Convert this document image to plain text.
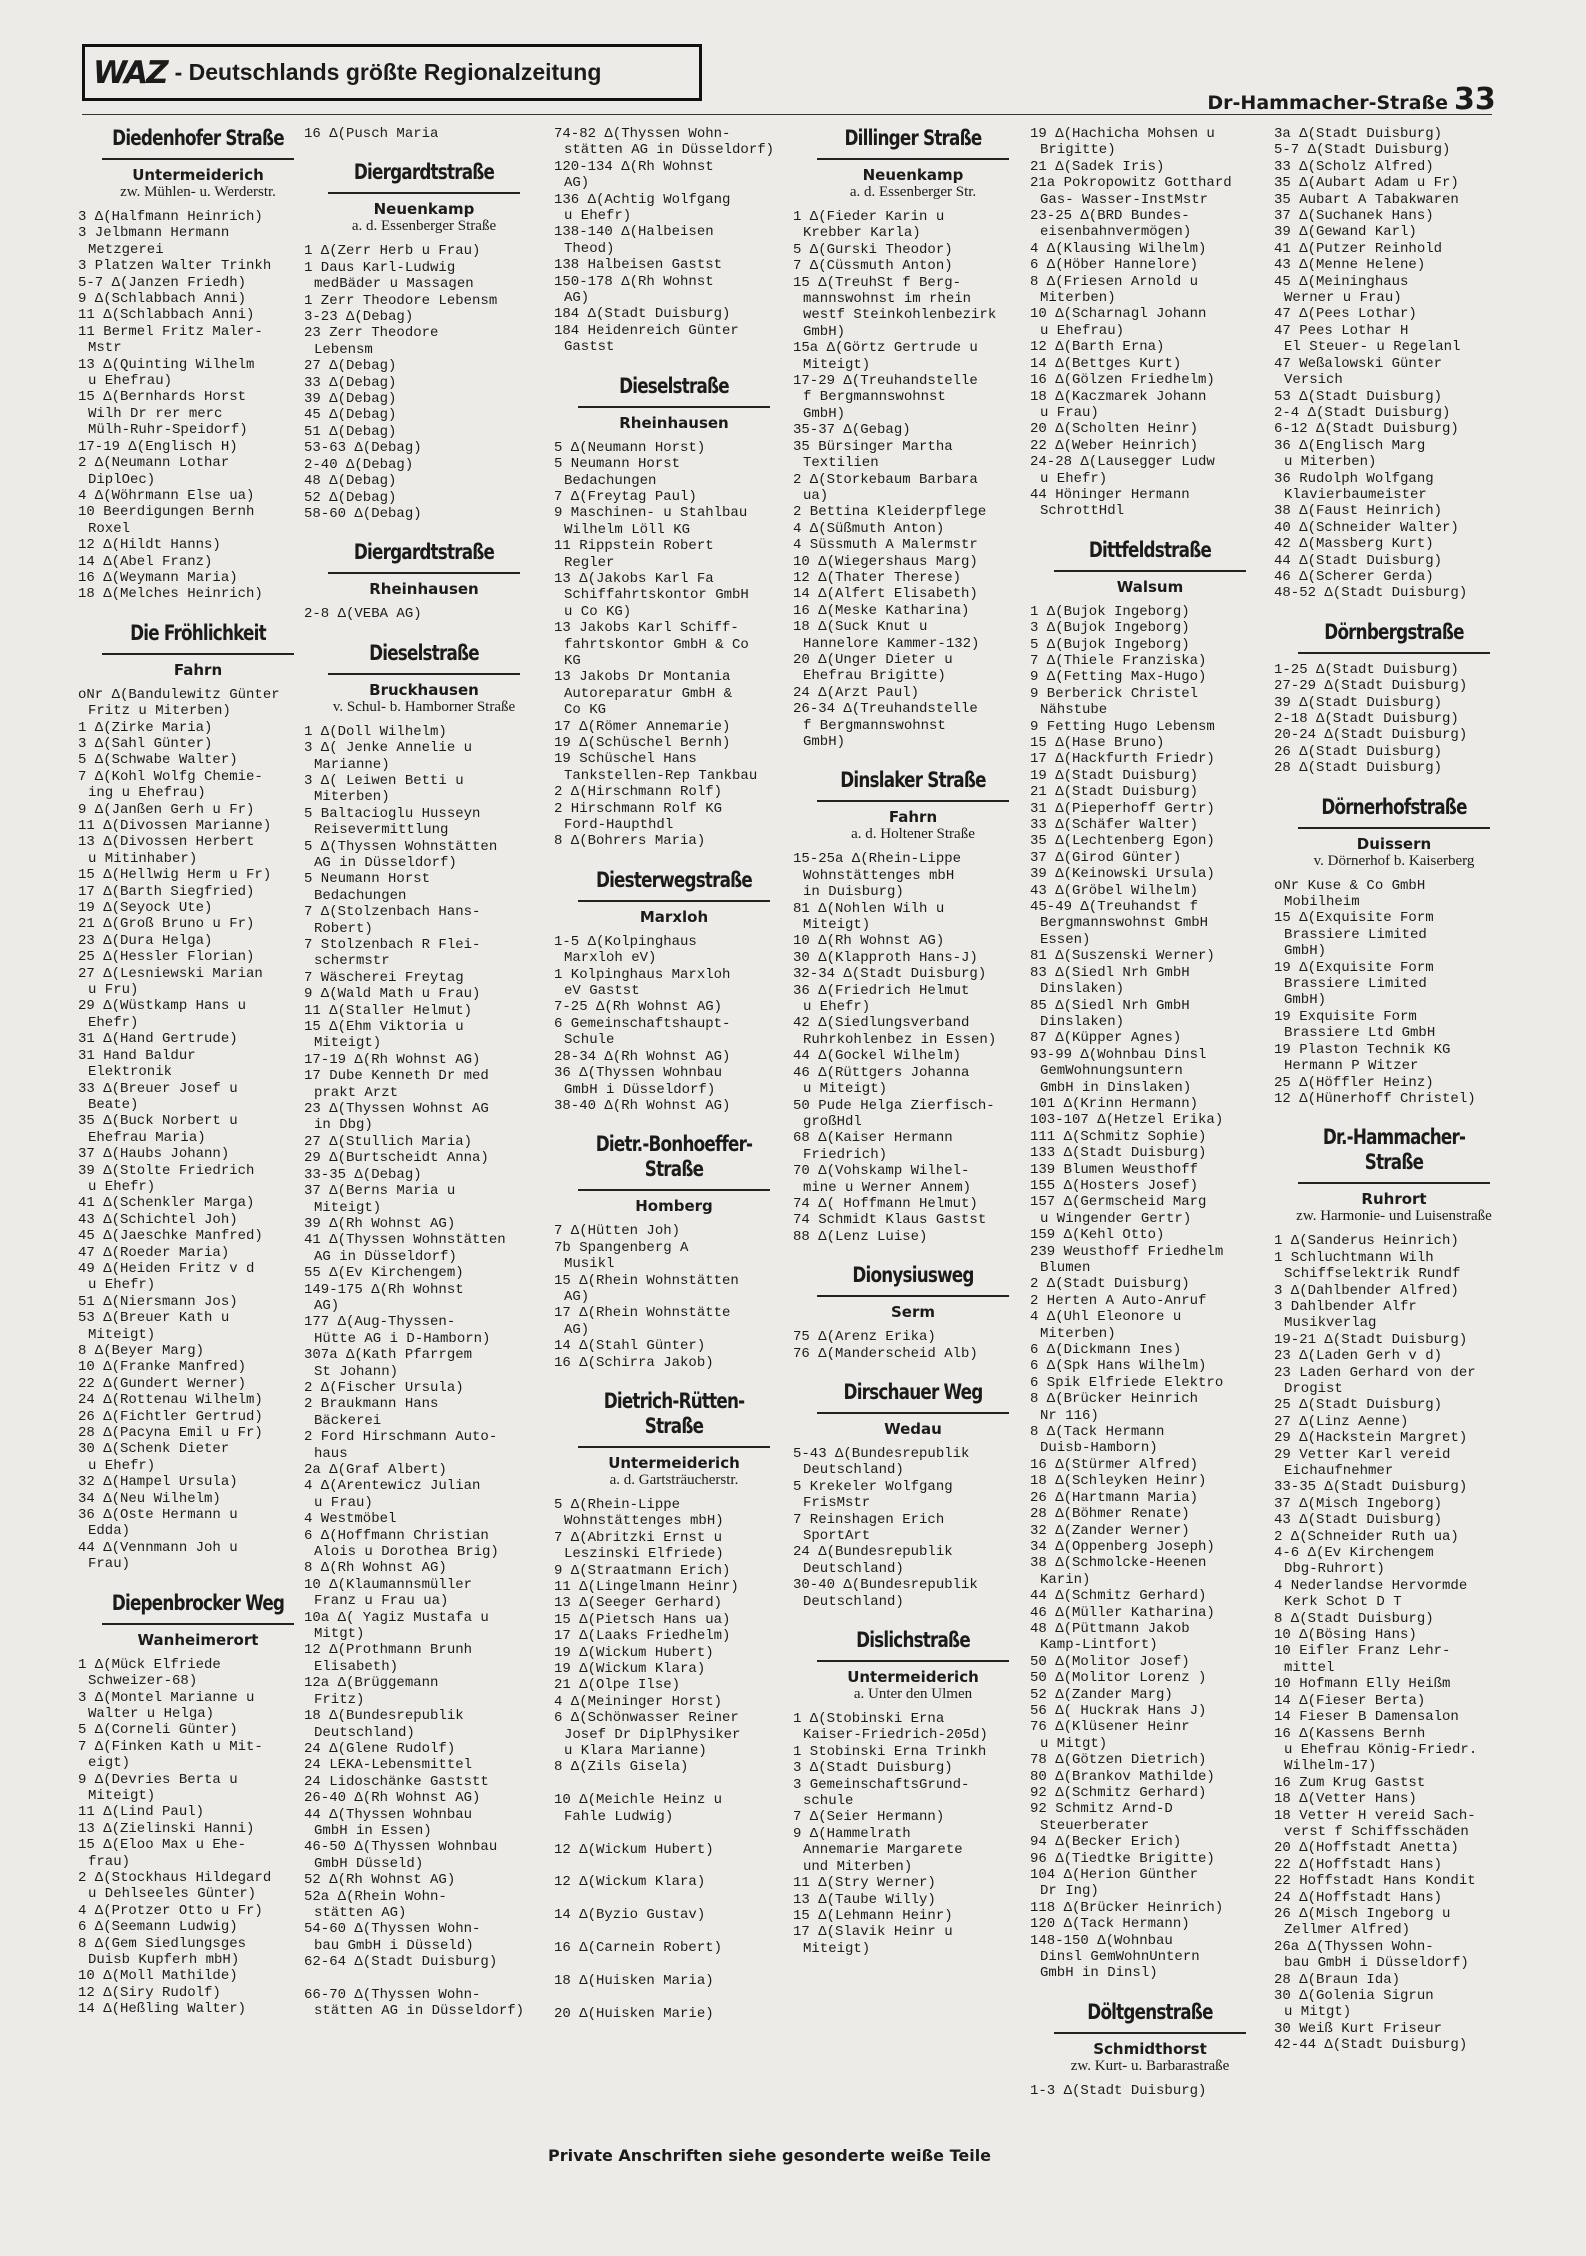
WAZ - Deutschlands größte Regionalzeitung
Dr-Hammacher-Straße 33
Diedenhofer Straße
Untermeiderich
zw. Mühlen- u. Werderstr.
3 Δ(Halfmann Heinrich)
3 Jelbmann Hermann
Metzgerei
3 Platzen Walter Trinkh
5-7 Δ(Janzen Friedh)
9 Δ(Schlabbach Anni)
11 Δ(Schlabbach Anni)
11 Bermel Fritz Maler-
Mstr
13 Δ(Quinting Wilhelm
u Ehefrau)
15 Δ(Bernhards Horst
Wilh Dr rer merc
Mülh-Ruhr-Speidorf)
17-19 Δ(Englisch H)
2 Δ(Neumann Lothar
DiplOec)
4 Δ(Wöhrmann Else ua)
10 Beerdigungen Bernh
Roxel
12 Δ(Hildt Hanns)
14 Δ(Abel Franz)
16 Δ(Weymann Maria)
18 Δ(Melches Heinrich)
Die Fröhlichkeit
Fahrn
oNr Δ(Bandulewitz Günter
Fritz u Miterben)
1 Δ(Zirke Maria)
3 Δ(Sahl Günter)
5 Δ(Schwabe Walter)
7 Δ(Kohl Wolfg Chemie-
ing u Ehefrau)
9 Δ(Janßen Gerh u Fr)
11 Δ(Divossen Marianne)
13 Δ(Divossen Herbert
u Mitinhaber)
15 Δ(Hellwig Herm u Fr)
17 Δ(Barth Siegfried)
19 Δ(Seyock Ute)
21 Δ(Groß Bruno u Fr)
23 Δ(Dura Helga)
25 Δ(Hessler Florian)
27 Δ(Lesniewski Marian
u Fru)
29 Δ(Wüstkamp Hans u
Ehefr)
31 Δ(Hand Gertrude)
31 Hand Baldur
Elektronik
33 Δ(Breuer Josef u
Beate)
35 Δ(Buck Norbert u
Ehefrau Maria)
37 Δ(Haubs Johann)
39 Δ(Stolte Friedrich
u Ehefr)
41 Δ(Schenkler Marga)
43 Δ(Schichtel Joh)
45 Δ(Jaeschke Manfred)
47 Δ(Roeder Maria)
49 Δ(Heiden Fritz v d
u Ehefr)
51 Δ(Niersmann Jos)
53 Δ(Breuer Kath u
Miteigt)
8 Δ(Beyer Marg)
10 Δ(Franke Manfred)
22 Δ(Gundert Werner)
24 Δ(Rottenau Wilhelm)
26 Δ(Fichtler Gertrud)
28 Δ(Pacyna Emil u Fr)
30 Δ(Schenk Dieter
u Ehefr)
32 Δ(Hampel Ursula)
34 Δ(Neu Wilhelm)
36 Δ(Oste Hermann u
Edda)
44 Δ(Vennmann Joh u
Frau)
Diepenbrocker Weg
Wanheimerort
1 Δ(Mück Elfriede
Schweizer-68)
3 Δ(Montel Marianne u
Walter u Helga)
5 Δ(Corneli Günter)
7 Δ(Finken Kath u Mit-
eigt)
9 Δ(Devries Berta u
Miteigt)
11 Δ(Lind Paul)
13 Δ(Zielinski Hanni)
15 Δ(Eloo Max u Ehe-
frau)
2 Δ(Stockhaus Hildegard
u Dehlseeles Günter)
4 Δ(Protzer Otto u Fr)
6 Δ(Seemann Ludwig)
8 Δ(Gem Siedlungsges
Duisb Kupferh mbH)
10 Δ(Moll Mathilde)
12 Δ(Siry Rudolf)
14 Δ(Heßling Walter)
16 Δ(Pusch Maria
Diergardtstraße
Neuenkamp
a. d. Essenberger Straße
1 Δ(Zerr Herb u Frau)
1 Daus Karl-Ludwig
medBäder u Massagen
1 Zerr Theodore Lebensm
3-23 Δ(Debag)
23 Zerr Theodore
Lebensm
27 Δ(Debag)
33 Δ(Debag)
39 Δ(Debag)
45 Δ(Debag)
51 Δ(Debag)
53-63 Δ(Debag)
2-40 Δ(Debag)
48 Δ(Debag)
52 Δ(Debag)
58-60 Δ(Debag)
Diergardtstraße
Rheinhausen
2-8 Δ(VEBA AG)
Dieselstraße
Bruckhausen
v. Schul- b. Hamborner Straße
1 Δ(Doll Wilhelm)
3 Δ( Jenke Annelie u
Marianne)
3 Δ( Leiwen Betti u
Miterben)
5 Baltacioglu Husseyn
Reisevermittlung
5 Δ(Thyssen Wohnstätten
AG in Düsseldorf)
5 Neumann Horst
Bedachungen
7 Δ(Stolzenbach Hans-
Robert)
7 Stolzenbach R Flei-
schermstr
7 Wäscherei Freytag
9 Δ(Wald Math u Frau)
11 Δ(Staller Helmut)
15 Δ(Ehm Viktoria u
Miteigt)
17-19 Δ(Rh Wohnst AG)
17 Dube Kenneth Dr med
prakt Arzt
23 Δ(Thyssen Wohnst AG
in Dbg)
27 Δ(Stullich Maria)
29 Δ(Burtscheidt Anna)
33-35 Δ(Debag)
37 Δ(Berns Maria u
Miteigt)
39 Δ(Rh Wohnst AG)
41 Δ(Thyssen Wohnstätten
AG in Düsseldorf)
55 Δ(Ev Kirchengem)
149-175 Δ(Rh Wohnst
AG)
177 Δ(Aug-Thyssen-
Hütte AG i D-Hamborn)
307a Δ(Kath Pfarrgem
St Johann)
2 Δ(Fischer Ursula)
2 Braukmann Hans
Bäckerei
2 Ford Hirschmann Auto-
haus
2a Δ(Graf Albert)
4 Δ(Arentewicz Julian
u Frau)
4 Westmöbel
6 Δ(Hoffmann Christian
Alois u Dorothea Brig)
8 Δ(Rh Wohnst AG)
10 Δ(Klaumannsmüller
Franz u Frau ua)
10a Δ( Yagiz Mustafa u
Mitgt)
12 Δ(Prothmann Brunh
Elisabeth)
12a Δ(Brüggemann
Fritz)
18 Δ(Bundesrepublik
Deutschland)
24 Δ(Glene Rudolf)
24 LEKA-Lebensmittel
24 Lidoschänke Gaststt
26-40 Δ(Rh Wohnst AG)
44 Δ(Thyssen Wohnbau
GmbH in Essen)
46-50 Δ(Thyssen Wohnbau
GmbH Düsseld)
52 Δ(Rh Wohnst AG)
52a Δ(Rhein Wohn-
stätten AG)
54-60 Δ(Thyssen Wohn-
bau GmbH i Düsseld)
62-64 Δ(Stadt Duisburg)

66-70 Δ(Thyssen Wohn-
stätten AG in Düsseldorf)
74-82 Δ(Thyssen Wohn-
stätten AG in Düsseldorf)
120-134 Δ(Rh Wohnst
AG)
136 Δ(Achtig Wolfgang
u Ehefr)
138-140 Δ(Halbeisen
Theod)
138 Halbeisen Gastst
150-178 Δ(Rh Wohnst
AG)
184 Δ(Stadt Duisburg)
184 Heidenreich Günter
Gastst
Dieselstraße
Rheinhausen
5 Δ(Neumann Horst)
5 Neumann Horst
Bedachungen
7 Δ(Freytag Paul)
9 Maschinen- u Stahlbau
Wilhelm Löll KG
11 Rippstein Robert
Regler
13 Δ(Jakobs Karl Fa
Schiffahrtskontor GmbH
u Co KG)
13 Jakobs Karl Schiff-
fahrtskontor GmbH & Co
KG
13 Jakobs Dr Montania
Autoreparatur GmbH &
Co KG
17 Δ(Römer Annemarie)
19 Δ(Schüschel Bernh)
19 Schüschel Hans
Tankstellen-Rep Tankbau
2 Δ(Hirschmann Rolf)
2 Hirschmann Rolf KG
Ford-Haupthdl
8 Δ(Bohrers Maria)
Diesterwegstraße
Marxloh
1-5 Δ(Kolpinghaus
Marxloh eV)
1 Kolpinghaus Marxloh
eV Gastst
7-25 Δ(Rh Wohnst AG)
6 Gemeinschaftshaupt-
Schule
28-34 Δ(Rh Wohnst AG)
36 Δ(Thyssen Wohnbau
GmbH i Düsseldorf)
38-40 Δ(Rh Wohnst AG)
Dietr.-Bonhoeffer-Straße
Homberg
7 Δ(Hütten Joh)
7b Spangenberg A
Musikl
15 Δ(Rhein Wohnstätten
AG)
17 Δ(Rhein Wohnstätte
AG)
14 Δ(Stahl Günter)
16 Δ(Schirra Jakob)
Dietrich-Rütten-Straße
Untermeiderich
a. d. Gartsträucherstr.
5 Δ(Rhein-Lippe
Wohnstättenges mbH)
7 Δ(Abritzki Ernst u
Leszinski Elfriede)
9 Δ(Straatmann Erich)
11 Δ(Lingelmann Heinr)
13 Δ(Seeger Gerhard)
15 Δ(Pietsch Hans ua)
17 Δ(Laaks Friedhelm)
19 Δ(Wickum Hubert)
19 Δ(Wickum Klara)
21 Δ(Olpe Ilse)
4 Δ(Meininger Horst)
6 Δ(Schönwasser Reiner
Josef Dr DiplPhysiker
u Klara Marianne)
8 Δ(Zils Gisela)

10 Δ(Meichle Heinz u
Fahle Ludwig)

12 Δ(Wickum Hubert)

12 Δ(Wickum Klara)

14 Δ(Byzio Gustav)

16 Δ(Carnein Robert)

18 Δ(Huisken Maria)

20 Δ(Huisken Marie)
Dillinger Straße
Neuenkamp
a. d. Essenberger Str.
1 Δ(Fieder Karin u
Krebber Karla)
5 Δ(Gurski Theodor)
7 Δ(Cüssmuth Anton)
15 Δ(TreuhSt f Berg-
mannswohnst im rhein
westf Steinkohlenbezirk
GmbH)
15a Δ(Görtz Gertrude u
Miteigt)
17-29 Δ(Treuhandstelle
f Bergmannswohnst
GmbH)
35-37 Δ(Gebag)
35 Bürsinger Martha
Textilien
2 Δ(Storkebaum Barbara
ua)
2 Bettina Kleiderpflege
4 Δ(Süßmuth Anton)
4 Süssmuth A Malermstr
10 Δ(Wiegershaus Marg)
12 Δ(Thater Therese)
14 Δ(Alfert Elisabeth)
16 Δ(Meske Katharina)
18 Δ(Suck Knut u
Hannelore Kammer-132)
20 Δ(Unger Dieter u
Ehefrau Brigitte)
24 Δ(Arzt Paul)
26-34 Δ(Treuhandstelle
f Bergmannswohnst
GmbH)
Dinslaker Straße
Fahrn
a. d. Holtener Straße
15-25a Δ(Rhein-Lippe
Wohnstättenges mbH
in Duisburg)
81 Δ(Nohlen Wilh u
Miteigt)
10 Δ(Rh Wohnst AG)
30 Δ(Klapproth Hans-J)
32-34 Δ(Stadt Duisburg)
36 Δ(Friedrich Helmut
u Ehefr)
42 Δ(Siedlungsverband
Ruhrkohlenbez in Essen)
44 Δ(Gockel Wilhelm)
46 Δ(Rüttgers Johanna
u Miteigt)
50 Pude Helga Zierfisch-
großHdl
68 Δ(Kaiser Hermann
Friedrich)
70 Δ(Vohskamp Wilhel-
mine u Werner Annem)
74 Δ( Hoffmann Helmut)
74 Schmidt Klaus Gastst
88 Δ(Lenz Luise)
Dionysiusweg
Serm
75 Δ(Arenz Erika)
76 Δ(Manderscheid Alb)
Dirschauer Weg
Wedau
5-43 Δ(Bundesrepublik
Deutschland)
5 Krekeler Wolfgang
FrisMstr
7 Reinshagen Erich
SportArt
24 Δ(Bundesrepublik
Deutschland)
30-40 Δ(Bundesrepublik
Deutschland)
Dislichstraße
Untermeiderich
a. Unter den Ulmen
1 Δ(Stobinski Erna
Kaiser-Friedrich-205d)
1 Stobinski Erna Trinkh
3 Δ(Stadt Duisburg)
3 GemeinschaftsGrund-
schule
7 Δ(Seier Hermann)
9 Δ(Hammelrath
Annemarie Margarete
und Miterben)
11 Δ(Stry Werner)
13 Δ(Taube Willy)
15 Δ(Lehmann Heinr)
17 Δ(Slavik Heinr u
Miteigt)
19 Δ(Hachicha Mohsen u
Brigitte)
21 Δ(Sadek Iris)
21a Pokropowitz Gotthard
Gas- Wasser-InstMstr
23-25 Δ(BRD Bundes-
eisenbahnvermögen)
4 Δ(Klausing Wilhelm)
6 Δ(Höber Hannelore)
8 Δ(Friesen Arnold u
Miterben)
10 Δ(Scharnagl Johann
u Ehefrau)
12 Δ(Barth Erna)
14 Δ(Bettges Kurt)
16 Δ(Gölzen Friedhelm)
18 Δ(Kaczmarek Johann
u Frau)
20 Δ(Scholten Heinr)
22 Δ(Weber Heinrich)
24-28 Δ(Lausegger Ludw
u Ehefr)
44 Höninger Hermann
SchrottHdl
Dittfeldstraße
Walsum
1 Δ(Bujok Ingeborg)
3 Δ(Bujok Ingeborg)
5 Δ(Bujok Ingeborg)
7 Δ(Thiele Franziska)
9 Δ(Fetting Max-Hugo)
9 Berberick Christel
Nähstube
9 Fetting Hugo Lebensm
15 Δ(Hase Bruno)
17 Δ(Hackfurth Friedr)
19 Δ(Stadt Duisburg)
21 Δ(Stadt Duisburg)
31 Δ(Pieperhoff Gertr)
33 Δ(Schäfer Walter)
35 Δ(Lechtenberg Egon)
37 Δ(Girod Günter)
39 Δ(Keinowski Ursula)
43 Δ(Gröbel Wilhelm)
45-49 Δ(Treuhandst f
Bergmannswohnst GmbH
Essen)
81 Δ(Suszenski Werner)
83 Δ(Siedl Nrh GmbH
Dinslaken)
85 Δ(Siedl Nrh GmbH
Dinslaken)
87 Δ(Küpper Agnes)
93-99 Δ(Wohnbau Dinsl
GemWohnungsuntern
GmbH in Dinslaken)
101 Δ(Krinn Hermann)
103-107 Δ(Hetzel Erika)
111 Δ(Schmitz Sophie)
133 Δ(Stadt Duisburg)
139 Blumen Weusthoff
155 Δ(Hosters Josef)
157 Δ(Germscheid Marg
u Wingender Gertr)
159 Δ(Kehl Otto)
239 Weusthoff Friedhelm
Blumen
2 Δ(Stadt Duisburg)
2 Herten A Auto-Anruf
4 Δ(Uhl Eleonore u
Miterben)
6 Δ(Dickmann Ines)
6 Δ(Spk Hans Wilhelm)
6 Spik Elfriede Elektro
8 Δ(Brücker Heinrich
Nr 116)
8 Δ(Tack Hermann
Duisb-Hamborn)
16 Δ(Stürmer Alfred)
18 Δ(Schleyken Heinr)
26 Δ(Hartmann Maria)
28 Δ(Böhmer Renate)
32 Δ(Zander Werner)
34 Δ(Oppenberg Joseph)
38 Δ(Schmolcke-Heenen
Karin)
44 Δ(Schmitz Gerhard)
46 Δ(Müller Katharina)
48 Δ(Püttmann Jakob
Kamp-Lintfort)
50 Δ(Molitor Josef)
50 Δ(Molitor Lorenz )
52 Δ(Zander Marg)
56 Δ( Huckrak Hans J)
76 Δ(Klüsener Heinr
u Mitgt)
78 Δ(Götzen Dietrich)
80 Δ(Brankov Mathilde)
92 Δ(Schmitz Gerhard)
92 Schmitz Arnd-D
Steuerberater
94 Δ(Becker Erich)
96 Δ(Tiedtke Brigitte)
104 Δ(Herion Günther
Dr Ing)
118 Δ(Brücker Heinrich)
120 Δ(Tack Hermann)
148-150 Δ(Wohnbau
Dinsl GemWohnUntern
GmbH in Dinsl)
Döltgenstraße
Schmidthorst
zw. Kurt- u. Barbarastraße
1-3 Δ(Stadt Duisburg)
3a Δ(Stadt Duisburg)
5-7 Δ(Stadt Duisburg)
33 Δ(Scholz Alfred)
35 Δ(Aubart Adam u Fr)
35 Aubart A Tabakwaren
37 Δ(Suchanek Hans)
39 Δ(Gewand Karl)
41 Δ(Putzer Reinhold
43 Δ(Menne Helene)
45 Δ(Meininghaus
Werner u Frau)
47 Δ(Pees Lothar)
47 Pees Lothar H
El Steuer- u Regelanl
47 Weßalowski Günter
Versich
53 Δ(Stadt Duisburg)
2-4 Δ(Stadt Duisburg)
6-12 Δ(Stadt Duisburg)
36 Δ(Englisch Marg
u Miterben)
36 Rudolph Wolfgang
Klavierbaumeister
38 Δ(Faust Heinrich)
40 Δ(Schneider Walter)
42 Δ(Massberg Kurt)
44 Δ(Stadt Duisburg)
46 Δ(Scherer Gerda)
48-52 Δ(Stadt Duisburg)
Dörnbergstraße
1-25 Δ(Stadt Duisburg)
27-29 Δ(Stadt Duisburg)
39 Δ(Stadt Duisburg)
2-18 Δ(Stadt Duisburg)
20-24 Δ(Stadt Duisburg)
26 Δ(Stadt Duisburg)
28 Δ(Stadt Duisburg)
Dörnerhofstraße
Duissern
v. Dörnerhof b. Kaiserberg
oNr Kuse & Co GmbH
Mobilheim
15 Δ(Exquisite Form
Brassiere Limited
GmbH)
19 Δ(Exquisite Form
Brassiere Limited
GmbH)
19 Exquisite Form
Brassiere Ltd GmbH
19 Plaston Technik KG
Hermann P Witzer
25 Δ(Höffler Heinz)
12 Δ(Hünerhoff Christel)
Dr.-Hammacher-Straße
Ruhrort
zw. Harmonie- und Luisenstraße
1 Δ(Sanderus Heinrich)
1 Schluchtmann Wilh
Schiffselektrik Rundf
3 Δ(Dahlbender Alfred)
3 Dahlbender Alfr
Musikverlag
19-21 Δ(Stadt Duisburg)
23 Δ(Laden Gerh v d)
23 Laden Gerhard von der
Drogist
25 Δ(Stadt Duisburg)
27 Δ(Linz Aenne)
29 Δ(Hackstein Margret)
29 Vetter Karl vereid
Eichaufnehmer
33-35 Δ(Stadt Duisburg)
37 Δ(Misch Ingeborg)
43 Δ(Stadt Duisburg)
2 Δ(Schneider Ruth ua)
4-6 Δ(Ev Kirchengem
Dbg-Ruhrort)
4 Nederlandse Hervormde
Kerk Schot D T
8 Δ(Stadt Duisburg)
10 Δ(Bösing Hans)
10 Eifler Franz Lehr-
mittel
10 Hofmann Elly Heißm
14 Δ(Fieser Berta)
14 Fieser B Damensalon
16 Δ(Kassens Bernh
u Ehefrau König-Friedr.
Wilhelm-17)
16 Zum Krug Gastst
18 Δ(Vetter Hans)
18 Vetter H vereid Sach-
verst f Schiffsschäden
20 Δ(Hoffstadt Anetta)
22 Δ(Hoffstadt Hans)
22 Hoffstadt Hans Kondit
24 Δ(Hoffstadt Hans)
26 Δ(Misch Ingeborg u
Zellmer Alfred)
26a Δ(Thyssen Wohn-
bau GmbH i Düsseldorf)
28 Δ(Braun Ida)
30 Δ(Golenia Sigrun
u Mitgt)
30 Weiß Kurt Friseur
42-44 Δ(Stadt Duisburg)
Private Anschriften siehe gesonderte weiße Teile
